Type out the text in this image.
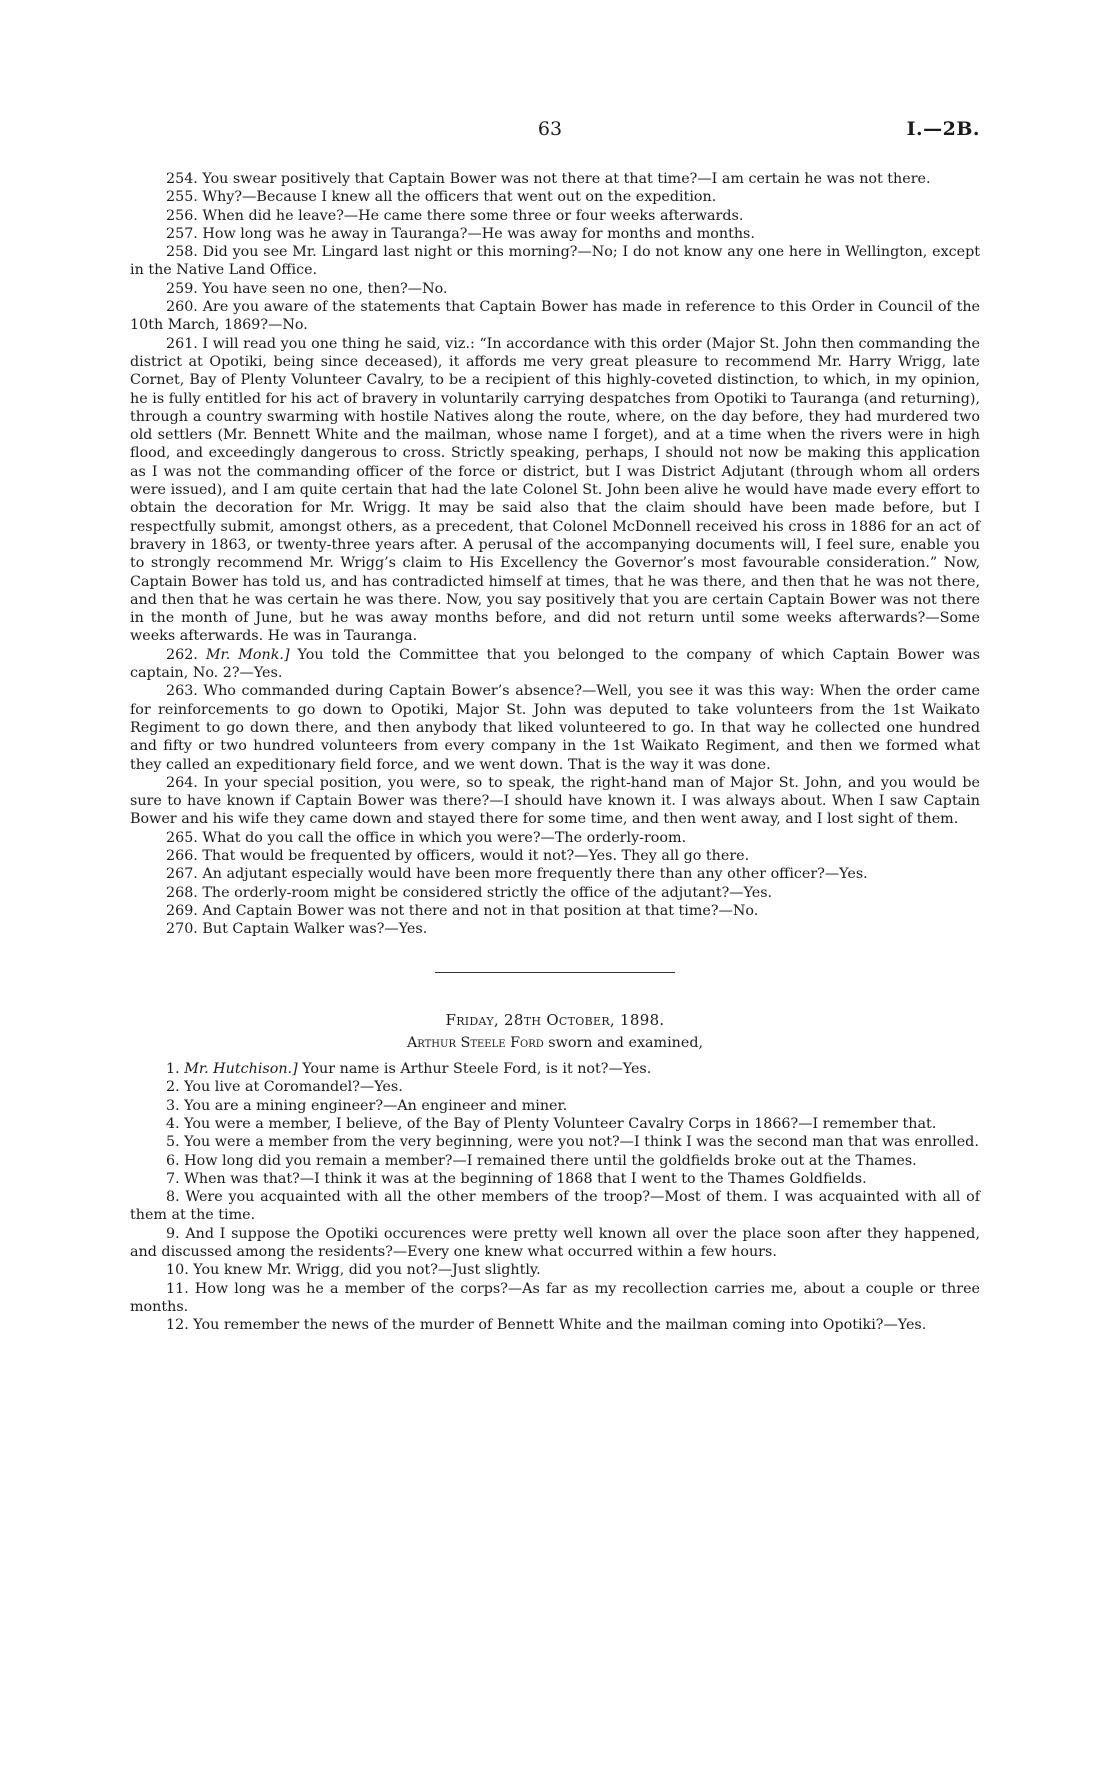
63	I.—2B.

254. You swear positively that Captain Bower was not there at that time?—I am certain he was not there.

255. Why?—Because I knew all the officers that went out on the expedition.

256. When did he leave?—He came there some three or four weeks afterwards.

257. How long was he away in Tauranga?—He was away for months and months.

258. Did you see Mr. Lingard last night or this morning?—No; I do not know any one here in Wellington, except in the Native Land Office.

259. You have seen no one, then?—No.

260. Are you aware of the statements that Captain Bower has made in reference to this Order in Council of the 10th March, 1869?—No.

261. I will read you one thing he said, viz.: “In accordance with this order (Major St. John then commanding the district at Opotiki, being since deceased), it affords me very great pleasure to recommend Mr. Harry Wrigg, late Cornet, Bay of Plenty Volunteer Cavalry, to be a recipient of this highly-coveted distinction, to which, in my opinion, he is fully entitled for his act of bravery in voluntarily carrying despatches from Opotiki to Tauranga (and returning), through a country swarming with hostile Natives along the route, where, on the day before, they had murdered two old settlers (Mr. Bennett White and the mailman, whose name I forget), and at a time when the rivers were in high flood, and exceedingly dangerous to cross. Strictly speaking, perhaps, I should not now be making this application as I was not the commanding officer of the force or district, but I was District Adjutant (through whom all orders were issued), and I am quite certain that had the late Colonel St. John been alive he would have made every effort to obtain the decoration for Mr. Wrigg. It may be said also that the claim should have been made before, but I respectfully submit, amongst others, as a precedent, that Colonel McDonnell received his cross in 1886 for an act of bravery in 1863, or twenty-three years after. A perusal of the accompanying documents will, I feel sure, enable you to strongly recommend Mr. Wrigg’s claim to His Excellency the Governor’s most favourable consideration.” Now, Captain Bower has told us, and has contradicted himself at times, that he was there, and then that he was not there, and then that he was certain he was there. Now, you say positively that you are certain Captain Bower was not there in the month of June, but he was away months before, and did not return until some weeks afterwards?—Some weeks afterwards. He was in Tauranga.

262. Mr. Monk.] You told the Committee that you belonged to the company of which Captain Bower was captain, No. 2?—Yes.

263. Who commanded during Captain Bower’s absence?—Well, you see it was this way: When the order came for reinforcements to go down to Opotiki, Major St. John was deputed to take volunteers from the 1st Waikato Regiment to go down there, and then anybody that liked volunteered to go. In that way he collected one hundred and fifty or two hundred volunteers from every company in the 1st Waikato Regiment, and then we formed what they called an expeditionary field force, and we went down. That is the way it was done.

264. In your special position, you were, so to speak, the right-hand man of Major St. John, and you would be sure to have known if Captain Bower was there?—I should have known it. I was always about. When I saw Captain Bower and his wife they came down and stayed there for some time, and then went away, and I lost sight of them.

265. What do you call the office in which you were?—The orderly-room.

266. That would be frequented by officers, would it not?—Yes. They all go there.

267. An adjutant especially would have been more frequently there than any other officer?—Yes.

268. The orderly-room might be considered strictly the office of the adjutant?—Yes.

269. And Captain Bower was not there and not in that position at that time?—No.

270. But Captain Walker was?—Yes.

Friday, 28th October, 1898.

Arthur Steele Ford sworn and examined,

1. Mr. Hutchison.] Your name is Arthur Steele Ford, is it not?—Yes.

2. You live at Coromandel?—Yes.

3. You are a mining engineer?—An engineer and miner.

4. You were a member, I believe, of the Bay of Plenty Volunteer Cavalry Corps in 1866?—I remember that.

5. You were a member from the very beginning, were you not?—I think I was the second man that was enrolled.

6. How long did you remain a member?—I remained there until the goldfields broke out at the Thames.

7. When was that?—I think it was at the beginning of 1868 that I went to the Thames Goldfields.

8. Were you acquainted with all the other members of the troop?—Most of them. I was acquainted with all of them at the time.

9. And I suppose the Opotiki occurences were pretty well known all over the place soon after they happened, and discussed among the residents?—Every one knew what occurred within a few hours.

10. You knew Mr. Wrigg, did you not?—Just slightly.

11. How long was he a member of the corps?—As far as my recollection carries me, about a couple or three months.

12. You remember the news of the murder of Bennett White and the mailman coming into Opotiki?—Yes.
